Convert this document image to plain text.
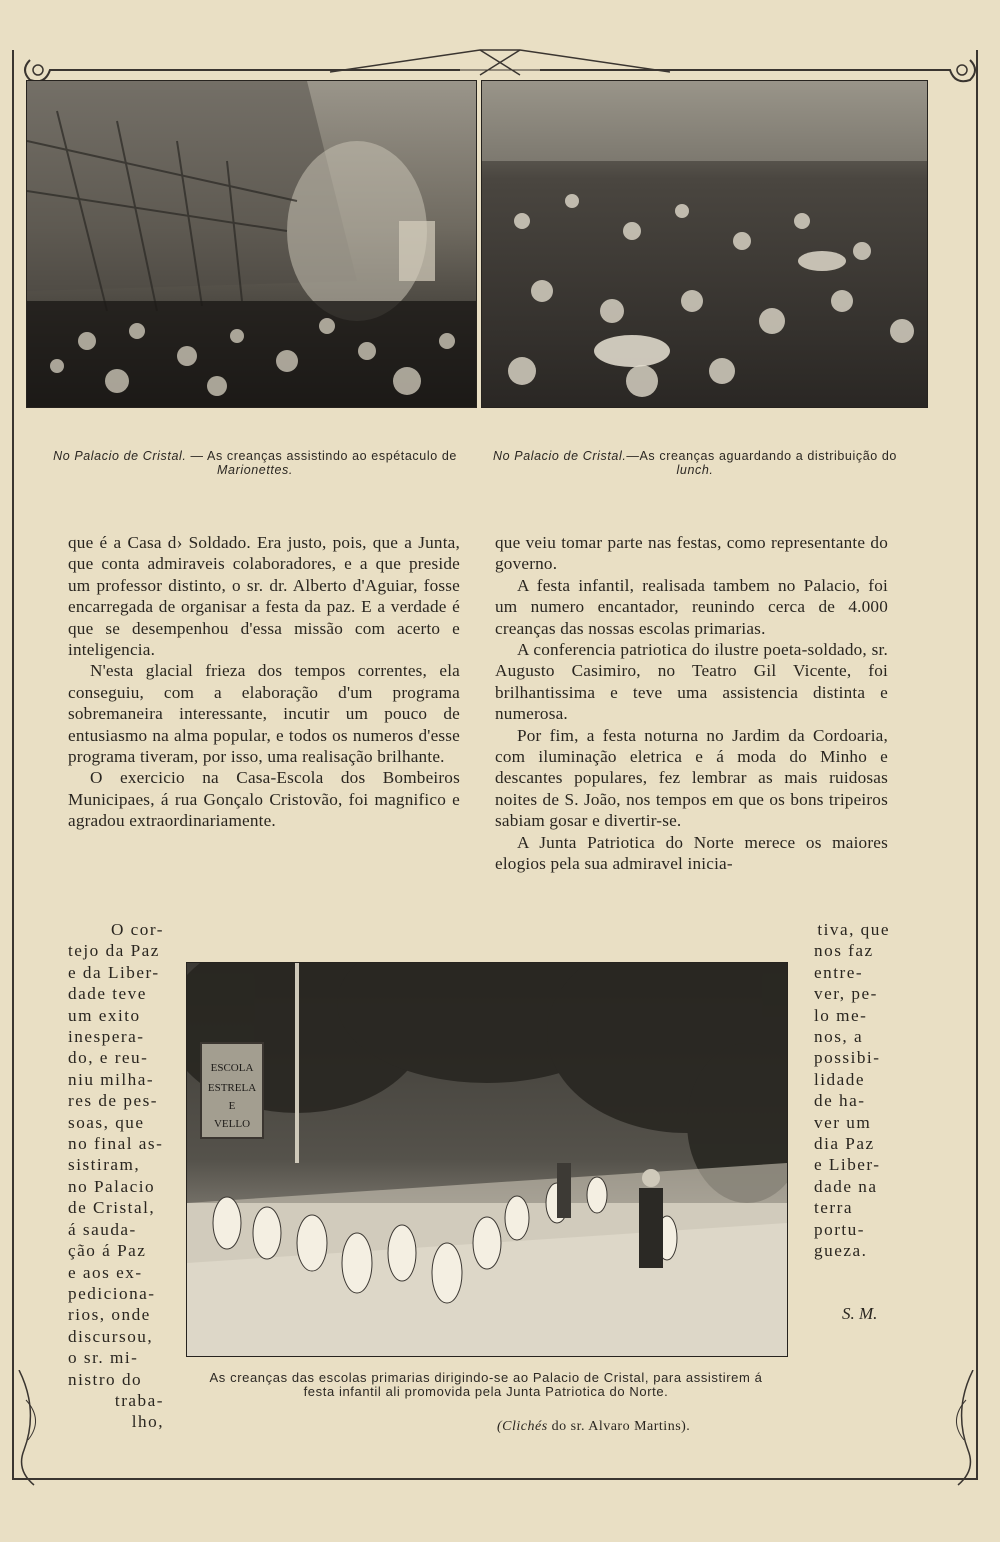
No Palacio de Cristal. — As creanças assistindo ao espétaculo de Marionettes.
No Palacio de Cristal.—As creanças aguardando a distribuição do lunch.

que é a Casa d› Soldado. Era justo, pois, que a Junta, que conta admiraveis colaboradores, e a que preside um professor distinto, o sr. dr. Alberto d'Aguiar, fosse encarregada de organisar a festa da paz. E a verdade é que se desempenhou d'essa missão com acerto e inteligencia.

N'esta glacial frieza dos tempos correntes, ela conseguiu, com a elaboração d'um programa sobremaneira interessante, incutir um pouco de entusiasmo na alma popular, e todos os numeros d'esse programa tiveram, por isso, uma realisação brilhante.

O exercicio na Casa-Escola dos Bombeiros Municipaes, á rua Gonçalo Cristovão, foi magnifico e agradou extraordinariamente.

O cor-
tejo da Paz
e da Liber-
dade teve
um exito
inespera-
do, e reu-
niu milha-
res de pes-
soas, que
no final as-
sistiram,
no Palacio
de Cristal,
á sauda-
ção á Paz
e aos ex-
pediciona-
rios, onde
discursou,
o sr. mi-
nistro do
traba-
lho,

que veiu tomar parte nas festas, como representante do governo.

A festa infantil, realisada tambem no Palacio, foi um numero encantador, reunindo cerca de 4.000 creanças das nossas escolas primarias.

A conferencia patriotica do ilustre poeta-soldado, sr. Augusto Casimiro, no Teatro Gil Vicente, foi brilhantissima e teve uma assistencia distinta e numerosa.

Por fim, a festa noturna no Jardim da Cordoaria, com iluminação eletrica e á moda do Minho e descantes populares, fez lembrar as mais ruidosas noites de S. João, nos tempos em que os bons tripeiros sabiam gosar e divertir-se.

A Junta Patriotica do Norte merece os maiores elogios pela sua admiravel inicia-

tiva, que
nos faz
entre-
ver, pe-
lo me-
nos, a
possibi-
lidade
de ha-
ver um
dia Paz
e Liber-
dade na
terra
portu-
gueza.
ESCOLA
ESTRELA
E
VELLO
As creanças das escolas primarias dirigindo-se ao Palacio de Cristal, para assistirem á festa infantil ali promovida pela Junta Patriotica do Norte.
S. M.
(Clichés do sr. Alvaro Martins).
